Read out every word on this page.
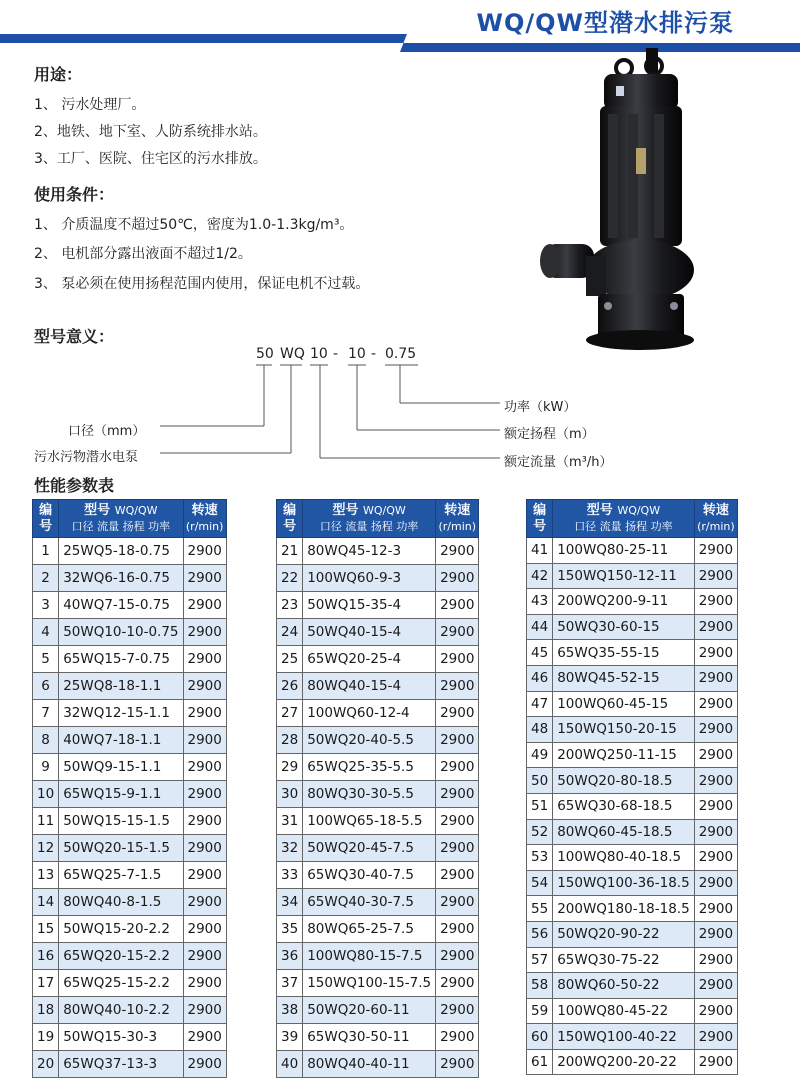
WQ/QW型潜水排污泵
用途：
1、 污水处理厂。
2、地铁、地下室、人防系统排水站。
3、工厂、医院、住宅区的污水排放。
使用条件：
1、 介质温度不超过50℃，密度为1.0-1.3kg/m³。
2、 电机部分露出液面不超过1/2。
3、 泵必须在使用扬程范围内使用，保证电机不过载。
型号意义：
50 WQ 10 - 10 - 0.75
功率（kW）
额定扬程（m）
额定流量（m³/h）
口径（mm）
污水污物潜水电泵
性能参数表
编号	型号 WQ/QW
口径 流量 扬程 功率	转速
(r/min)

1	25WQ5-18-0.75	2900
2	32WQ6-16-0.75	2900
3	40WQ7-15-0.75	2900
4	50WQ10-10-0.75	2900
5	65WQ15-7-0.75	2900
6	25WQ8-18-1.1	2900
7	32WQ12-15-1.1	2900
8	40WQ7-18-1.1	2900
9	50WQ9-15-1.1	2900
10	65WQ15-9-1.1	2900
11	50WQ15-15-1.5	2900
12	50WQ20-15-1.5	2900
13	65WQ25-7-1.5	2900
14	80WQ40-8-1.5	2900
15	50WQ15-20-2.2	2900
16	65WQ20-15-2.2	2900
17	65WQ25-15-2.2	2900
18	80WQ40-10-2.2	2900
19	50WQ15-30-3	2900
20	65WQ37-13-3	2900
编号	型号 WQ/QW
口径 流量 扬程 功率	转速
(r/min)

21	80WQ45-12-3	2900
22	100WQ60-9-3	2900
23	50WQ15-35-4	2900
24	50WQ40-15-4	2900
25	65WQ20-25-4	2900
26	80WQ40-15-4	2900
27	100WQ60-12-4	2900
28	50WQ20-40-5.5	2900
29	65WQ25-35-5.5	2900
30	80WQ30-30-5.5	2900
31	100WQ65-18-5.5	2900
32	50WQ20-45-7.5	2900
33	65WQ30-40-7.5	2900
34	65WQ40-30-7.5	2900
35	80WQ65-25-7.5	2900
36	100WQ80-15-7.5	2900
37	150WQ100-15-7.5	2900
38	50WQ20-60-11	2900
39	65WQ30-50-11	2900
40	80WQ40-40-11	2900
编号	型号 WQ/QW
口径 流量 扬程 功率	转速
(r/min)

41	100WQ80-25-11	2900
42	150WQ150-12-11	2900
43	200WQ200-9-11	2900
44	50WQ30-60-15	2900
45	65WQ35-55-15	2900
46	80WQ45-52-15	2900
47	100WQ60-45-15	2900
48	150WQ150-20-15	2900
49	200WQ250-11-15	2900
50	50WQ20-80-18.5	2900
51	65WQ30-68-18.5	2900
52	80WQ60-45-18.5	2900
53	100WQ80-40-18.5	2900
54	150WQ100-36-18.5	2900
55	200WQ180-18-18.5	2900
56	50WQ20-90-22	2900
57	65WQ30-75-22	2900
58	80WQ60-50-22	2900
59	100WQ80-45-22	2900
60	150WQ100-40-22	2900
61	200WQ200-20-22	2900
